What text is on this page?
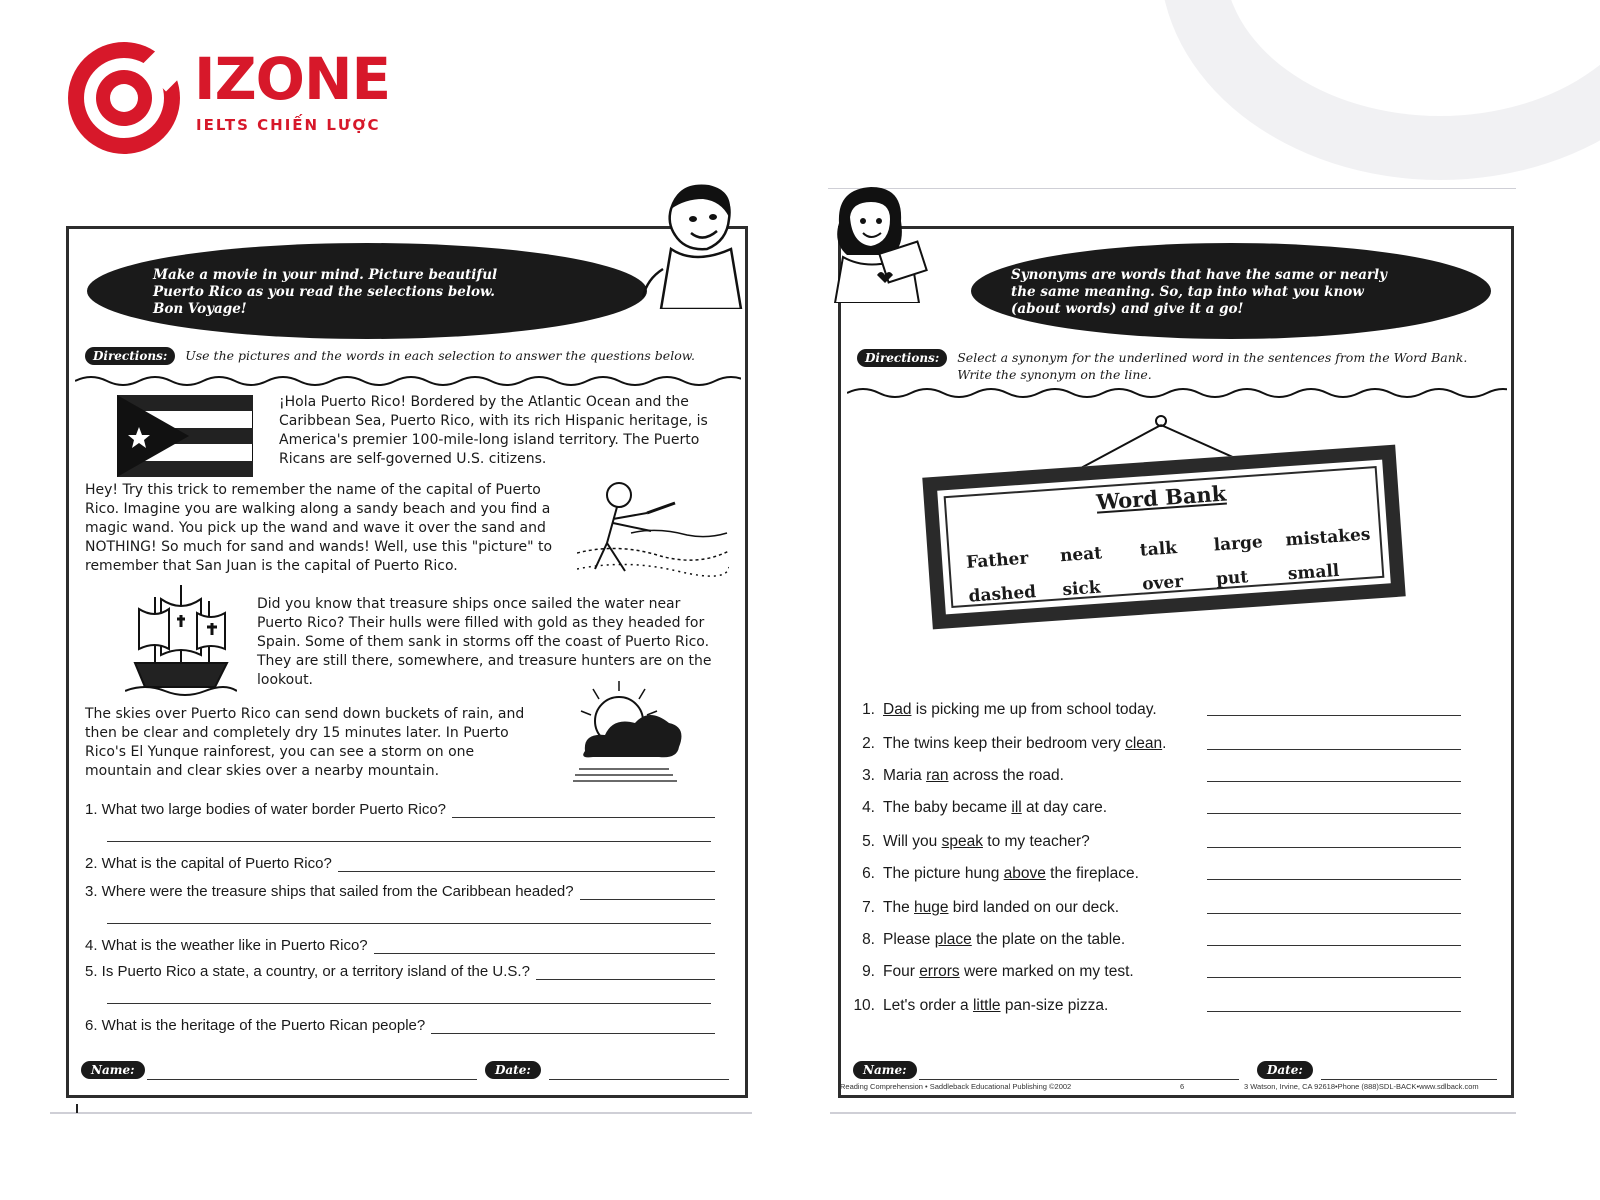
IZONE
IELTS CHIẾN LƯỢC
Make a movie in your mind. Picture beautiful
Puerto Rico as you read the selections below.
Bon Voyage!
Directions: Use the pictures and the words in each selection to answer the questions below.
¡Hola Puerto Rico! Bordered by the Atlantic Ocean and the Caribbean Sea, Puerto Rico, with its rich Hispanic heritage, is America's premier 100-mile-long island territory. The Puerto Ricans are self-governed U.S. citizens.
Hey! Try this trick to remember the name of the capital of Puerto Rico. Imagine you are walking along a sandy beach and you find a magic wand. You pick up the wand and wave it over the sand and NOTHING! So much for sand and wands! Well, use this "picture" to remember that San Juan is the capital of Puerto Rico.
Did you know that treasure ships once sailed the water near Puerto Rico? Their hulls were filled with gold as they headed for Spain. Some of them sank in storms off the coast of Puerto Rico. They are still there, somewhere, and treasure hunters are on the lookout.
The skies over Puerto Rico can send down buckets of rain, and then be clear and completely dry 15 minutes later. In Puerto Rico's El Yunque rainforest, you can see a storm on one mountain and clear skies over a nearby mountain.
1. What two large bodies of water border Puerto Rico?
2. What is the capital of Puerto Rico?
3. Where were the treasure ships that sailed from the Caribbean headed?
4. What is the weather like in Puerto Rico?
5. Is Puerto Rico a state, a country, or a territory island of the U.S.?
6. What is the heritage of the Puerto Rican people?
Name:	Date:
Synonyms are words that have the same or nearly
the same meaning. So, tap into what you know
(about words) and give it a go!
Directions: Select a synonym for the underlined word in the sentences from the Word Bank.
Write the synonym on the line.
Word Bank
Father neat talk large mistakes
dashed sick over put small
1. Dad is picking me up from school today.
2. The twins keep their bedroom very clean.
3. Maria ran across the road.
4. The baby became ill at day care.
5. Will you speak to my teacher?
6. The picture hung above the fireplace.
7. The huge bird landed on our deck.
8. Please place the plate on the table.
9. Four errors were marked on my test.
10. Let's order a little pan-size pizza.
Name:	Date:
Reading Comprehension • Saddleback Educational Publishing ©2002	6	3 Watson, Irvine, CA 92618•Phone (888)SDL-BACK•www.sdlback.com
